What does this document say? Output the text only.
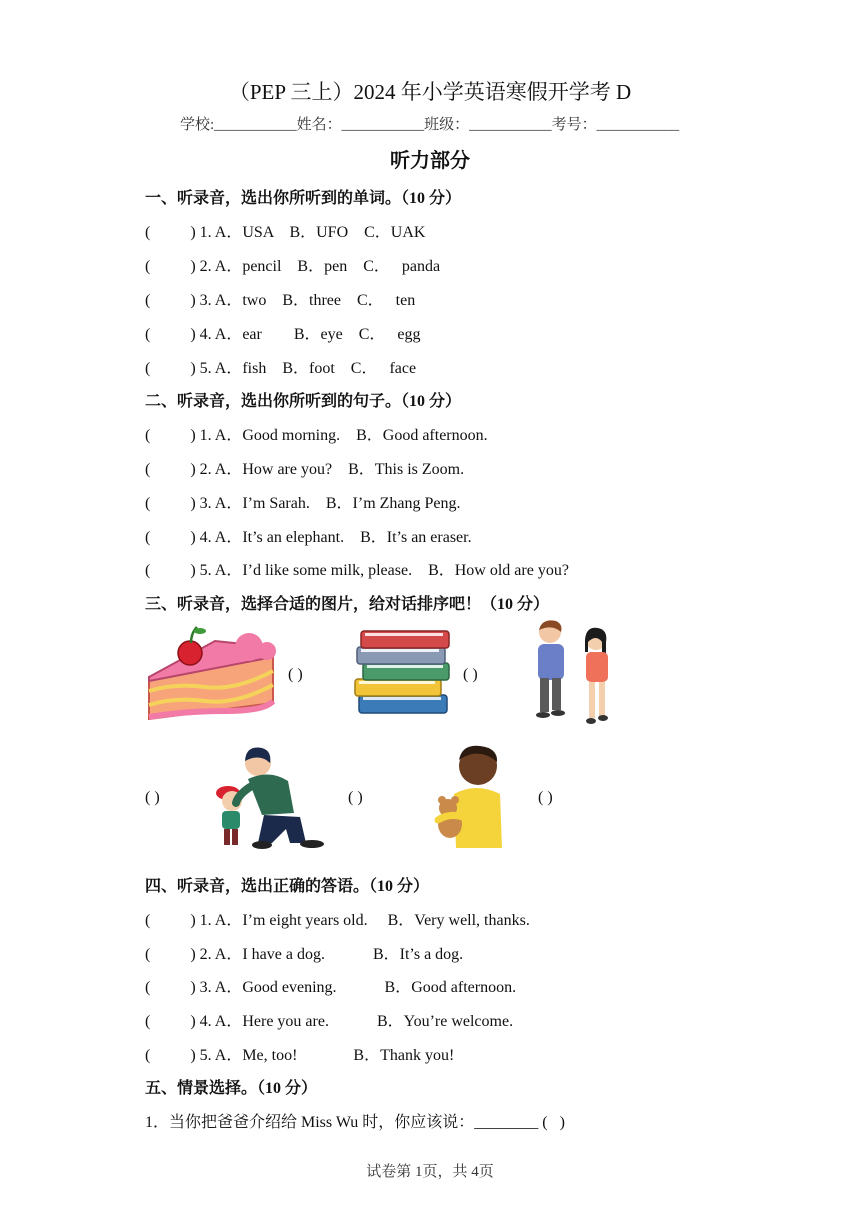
（PEP 三上）2024 年小学英语寒假开学考 D
学校:___________姓名：___________班级：___________考号：___________
听力部分
一、听录音，选出你所听到的单词。（10 分）
(          ) 1. A．USA    B．UFO    C．UAK
(          ) 2. A．pencil    B．pen    C．   panda
(          ) 3. A．two    B．three    C．   ten
(          ) 4. A．ear        B．eye    C．   egg
(          ) 5. A．fish    B．foot    C．   face
二、听录音，选出你所听到的句子。（10 分）
(          ) 1. A．Good morning.    B．Good afternoon.
(          ) 2. A．How are you?    B．This is Zoom.
(          ) 3. A．I’m Sarah.    B．I’m Zhang Peng.
(          ) 4. A．It’s an elephant.    B．It’s an eraser.
(          ) 5. A．I’d like some milk, please.    B．How old are you?
三、听录音，选择合适的图片，给对话排序吧！（10 分）
( )	( )
( )	( )	( )
四、听录音，选出正确的答语。（10 分）
(          ) 1. A．I’m eight years old.     B．Very well, thanks.
(          ) 2. A．I have a dog.            B．It’s a dog.
(          ) 3. A．Good evening.            B．Good afternoon.
(          ) 4. A．Here you are.            B．You’re welcome.
(          ) 5. A．Me, too!              B．Thank you!
五、情景选择。（10 分）
1．当你把爸爸介绍给 Miss Wu 时，你应该说：________ (   )
试卷第 1页，共 4页
